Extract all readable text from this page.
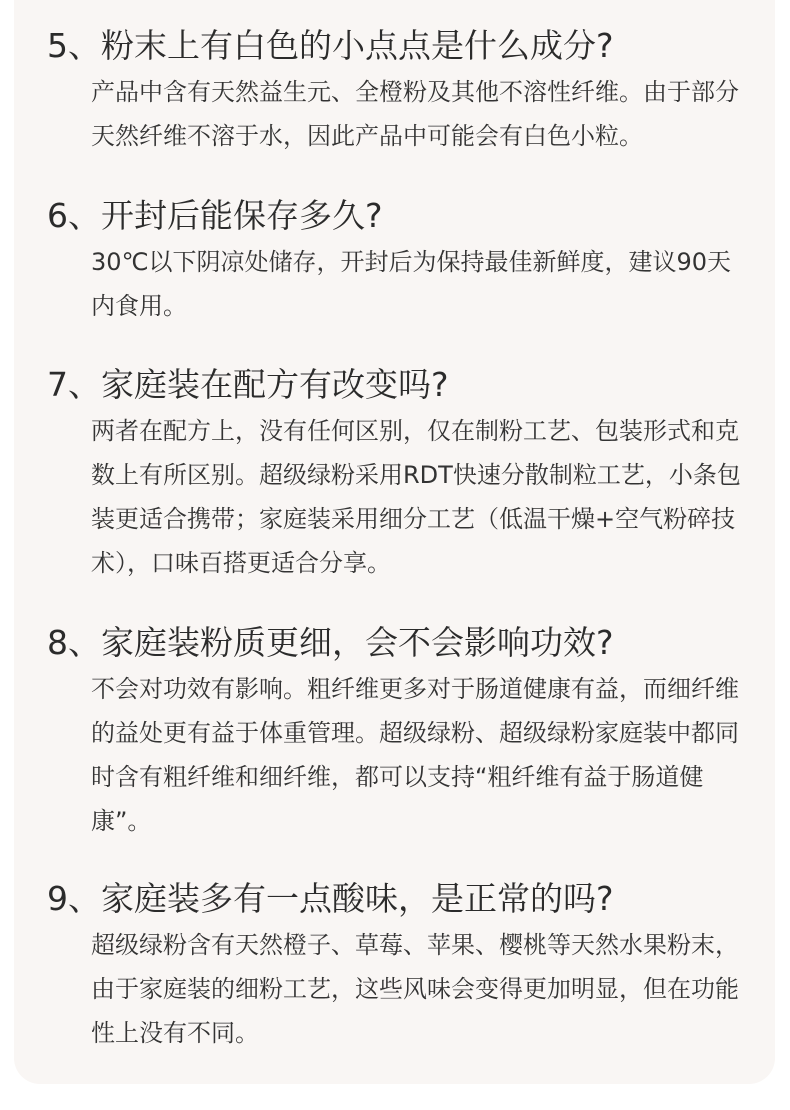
5、粉末上有白色的小点点是什么成分?

产品中含有天然益生元、全橙粉及其他不溶性纤维。由于部分天然纤维不溶于水，因此产品中可能会有白色小粒。

6、开封后能保存多久?

30℃以下阴凉处储存，开封后为保持最佳新鲜度，建议90天内食用。

7、家庭装在配方有改变吗?

两者在配方上，没有任何区别，仅在制粉工艺、包装形式和克数上有所区别。超级绿粉采用RDT快速分散制粒工艺，小条包装更适合携带；家庭装采用细分工艺（低温干燥+空气粉碎技术），口味百搭更适合分享。

8、家庭装粉质更细，会不会影响功效?

不会对功效有影响。粗纤维更多对于肠道健康有益，而细纤维的益处更有益于体重管理。超级绿粉、超级绿粉家庭装中都同时含有粗纤维和细纤维，都可以支持“粗纤维有益于肠道健康”。

9、家庭装多有一点酸味，是正常的吗?

超级绿粉含有天然橙子、草莓、苹果、樱桃等天然水果粉末，由于家庭装的细粉工艺，这些风味会变得更加明显，但在功能性上没有不同。
